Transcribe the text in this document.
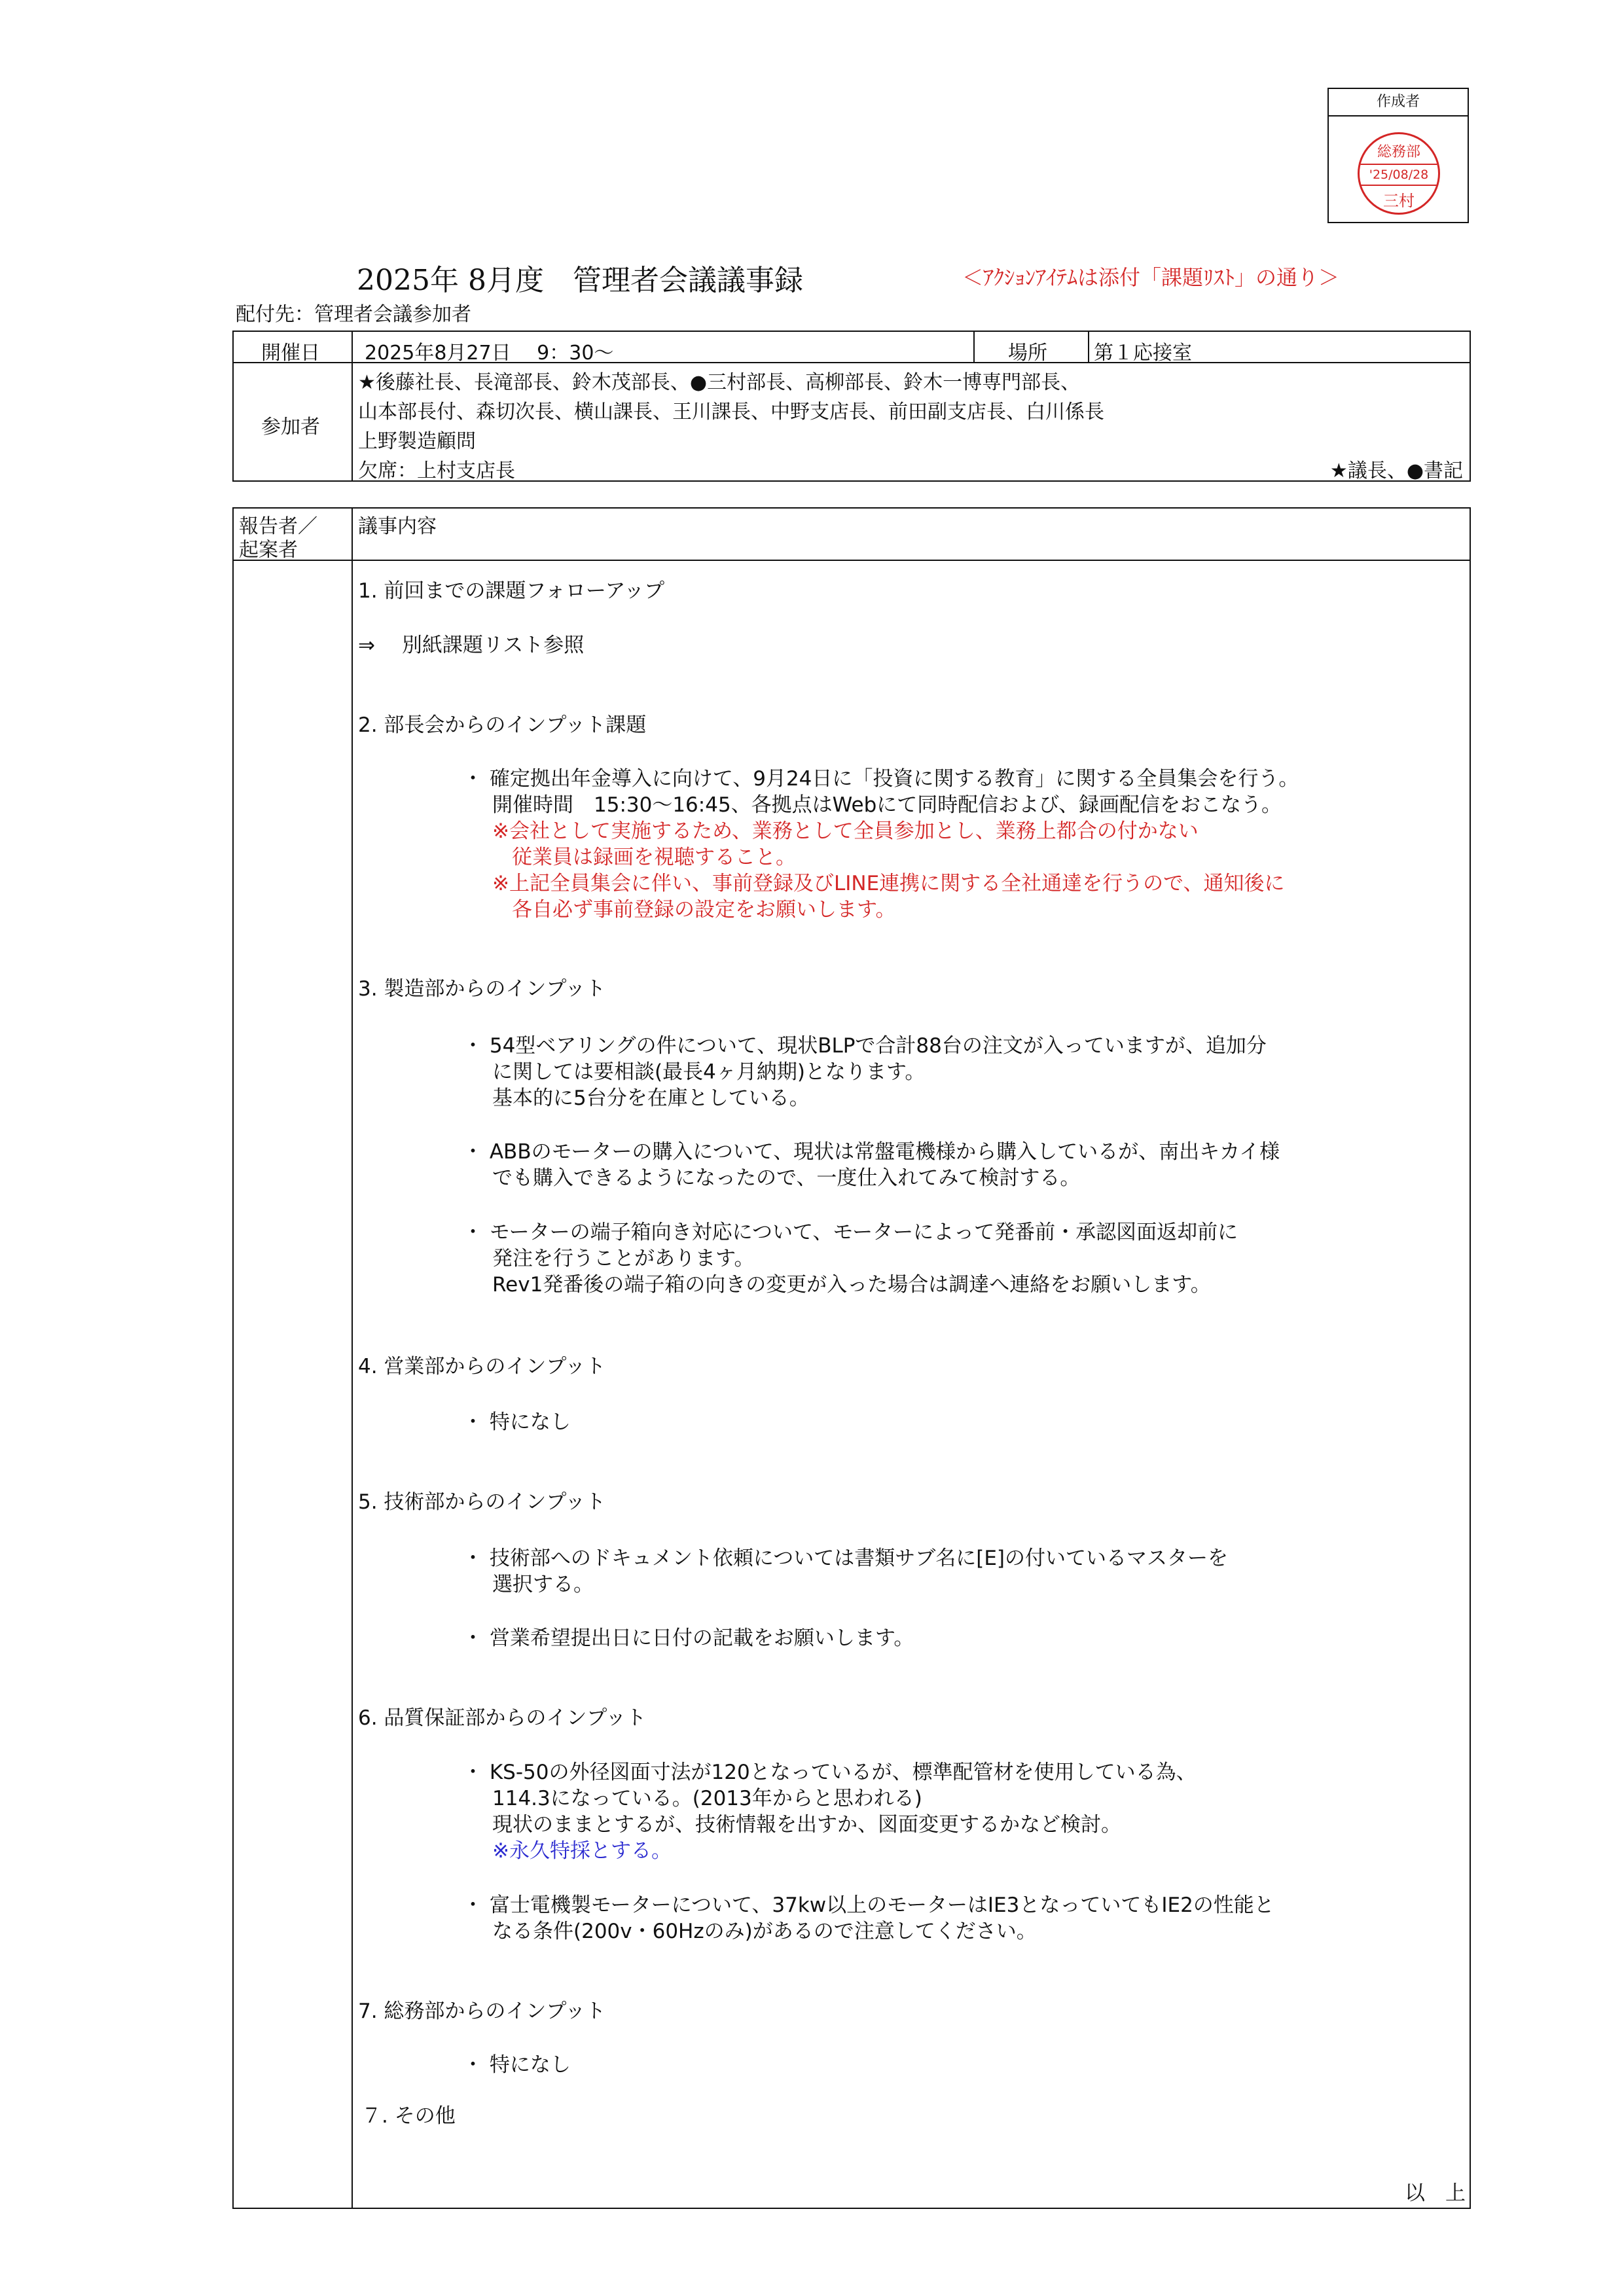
作成者
総務部
'25/08/28
三村
2025年 8月度　管理者会議議事録	＜ｱｸｼｮﾝｱｲﾃﾑは添付「課題ﾘｽﾄ」の通り＞
配付先：管理者会議参加者
開催日 2025年8月27日　 9：30～	場所 第１応接室
参加者
★後藤社長、長滝部長、鈴木茂部長、●三村部長、高柳部長、鈴木一博専門部長、
山本部長付、森切次長、横山課長、王川課長、中野支店長、前田副支店長、白川係長
上野製造顧問
欠席：上村支店長	★議長、●書記
報告者／
起案者
議事内容
1. 前回までの課題フォローアップ
⇒　 別紙課題リスト参照
2. 部長会からのインプット課題
・ 確定拠出年金導入に向けて、9月24日に「投資に関する教育」に関する全員集会を行う。
開催時間　15:30～16:45、各拠点はWebにて同時配信および、録画配信をおこなう。
※会社として実施するため、業務として全員参加とし、業務上都合の付かない
従業員は録画を視聴すること。
※上記全員集会に伴い、事前登録及びLINE連携に関する全社通達を行うので、通知後に
各自必ず事前登録の設定をお願いします。
3. 製造部からのインプット
・ 54型ベアリングの件について、現状BLPで合計88台の注文が入っていますが、追加分
に関しては要相談(最長4ヶ月納期)となります。
基本的に5台分を在庫としている。
・ ABBのモーターの購入について、現状は常盤電機様から購入しているが、南出キカイ様
でも購入できるようになったので、一度仕入れてみて検討する。
・ モーターの端子箱向き対応について、モーターによって発番前・承認図面返却前に
発注を行うことがあります。
Rev1発番後の端子箱の向きの変更が入った場合は調達へ連絡をお願いします。
4. 営業部からのインプット
・ 特になし
5. 技術部からのインプット
・ 技術部へのドキュメント依頼については書類サブ名に[E]の付いているマスターを
選択する。
・ 営業希望提出日に日付の記載をお願いします。
6. 品質保証部からのインプット
・ KS-50の外径図面寸法が120となっているが、標準配管材を使用している為、
114.3になっている。(2013年からと思われる)
現状のままとするが、技術情報を出すか、図面変更するかなど検討。
※永久特採とする。
・ 富士電機製モーターについて、37kw以上のモーターはIE3となっていてもIE2の性能と
なる条件(200v・60Hzのみ)があるので注意してください。
7. 総務部からのインプット
・ 特になし
７. その他
以　上
